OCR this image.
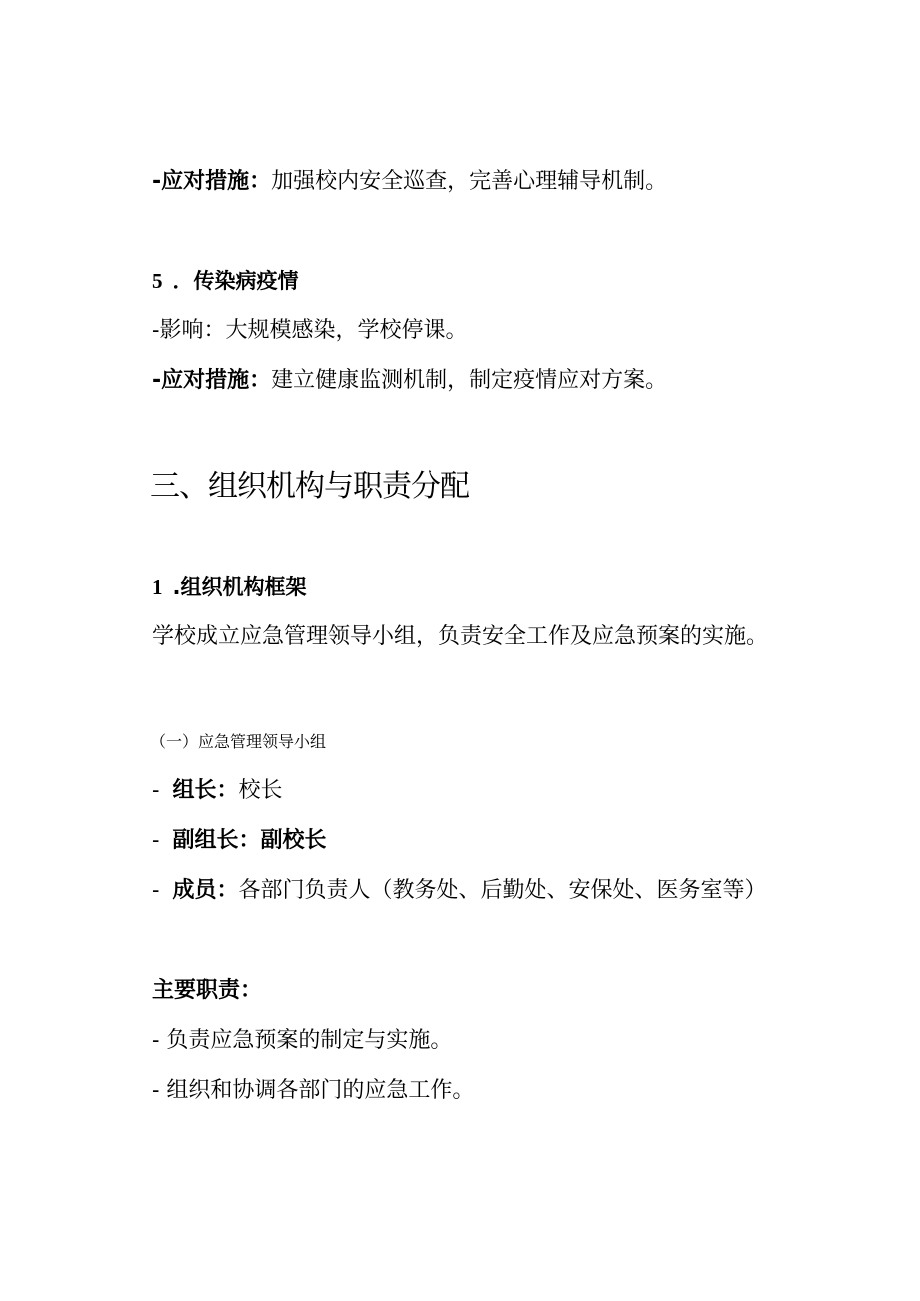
-应对措施：加强校内安全巡查，完善心理辅导机制。
5 ．传染病疫情
-影响：大规模感染，学校停课。
-应对措施：建立健康监测机制，制定疫情应对方案。
三、组织机构与职责分配
1 .组织机构框架
学校成立应急管理领导小组，负责安全工作及应急预案的实施。
（一）应急管理领导小组
- 组长：校长
- 副组长：副校长
- 成员：各部门负责人（教务处、后勤处、安保处、医务室等）
主要职责：
- 负责应急预案的制定与实施。
- 组织和协调各部门的应急工作。
